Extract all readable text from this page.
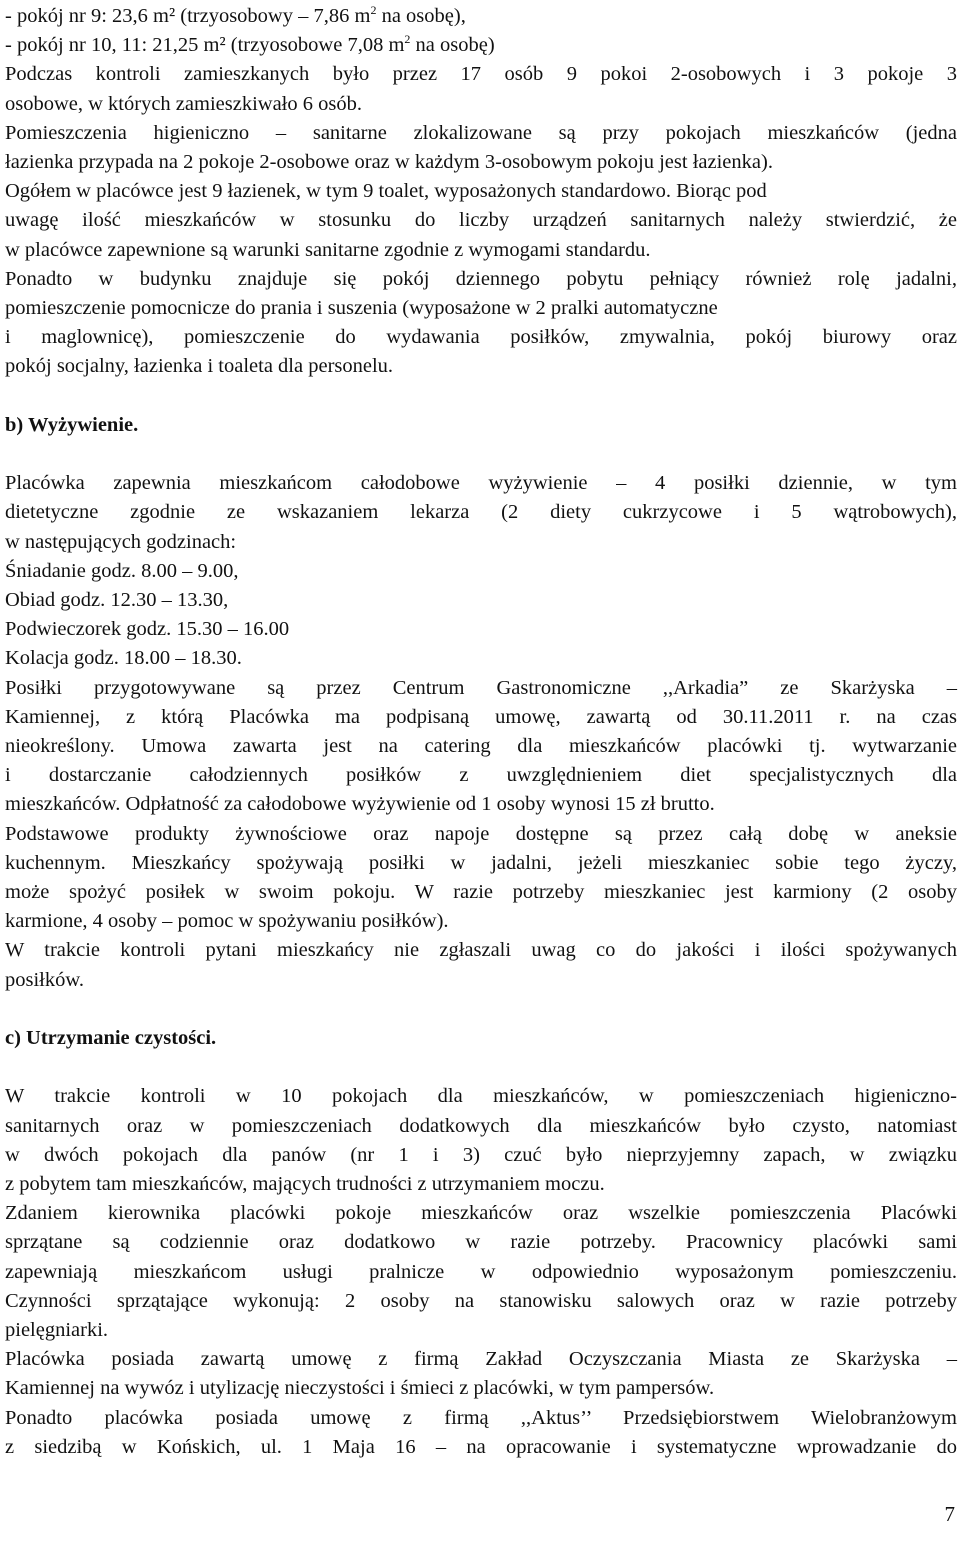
- pokój nr 9: 23,6 m² (trzyosobowy – 7,86 $m^2$ na osobę),
- pokój nr 10, 11: 21,25 m² (trzyosobowe 7,08 $m^2$ na osobę)
Podczas kontroli zamieszkanych było przez 17 osób 9 pokoi 2-osobowych i 3 pokoje 3
osobowe, w których zamieszkiwało 6 osób.
Pomieszczenia higieniczno – sanitarne zlokalizowane są przy pokojach mieszkańców (jedna
łazienka przypada na 2 pokoje 2-osobowe oraz w każdym 3-osobowym pokoju jest łazienka).
Ogółem w placówce jest 9 łazienek, w tym 9 toalet, wyposażonych standardowo. Biorąc pod
uwagę ilość mieszkańców w stosunku do liczby urządzeń sanitarnych należy stwierdzić, że
w placówce zapewnione są warunki sanitarne zgodnie z wymogami standardu.
Ponadto w budynku znajduje się pokój dziennego pobytu pełniący również rolę jadalni,
pomieszczenie pomocnicze do prania i suszenia (wyposażone w 2 pralki automatyczne
i maglownicę), pomieszczenie do wydawania posiłków, zmywalnia, pokój biurowy oraz
pokój socjalny, łazienka i toaleta dla personelu.
b) Wyżywienie.
Placówka zapewnia mieszkańcom całodobowe wyżywienie – 4 posiłki dziennie, w tym
dietetyczne zgodnie ze wskazaniem lekarza (2 diety cukrzycowe i 5 wątrobowych),
w następujących godzinach:
Śniadanie godz. 8.00 – 9.00,
Obiad godz. 12.30 – 13.30,
Podwieczorek godz. 15.30 – 16.00
Kolacja godz. 18.00 – 18.30.
Posiłki przygotowywane są przez Centrum Gastronomiczne ,,Arkadia” ze Skarżyska –
Kamiennej, z którą Placówka ma podpisaną umowę, zawartą od 30.11.2011 r. na czas
nieokreślony. Umowa zawarta jest na catering dla mieszkańców placówki tj. wytwarzanie
i dostarczanie całodziennych posiłków z uwzględnieniem diet specjalistycznych dla
mieszkańców. Odpłatność za całodobowe wyżywienie od 1 osoby wynosi 15 zł brutto.
Podstawowe produkty żywnościowe oraz napoje dostępne są przez całą dobę w aneksie
kuchennym. Mieszkańcy spożywają posiłki w jadalni, jeżeli mieszkaniec sobie tego życzy,
może spożyć posiłek w swoim pokoju. W razie potrzeby mieszkaniec jest karmiony (2 osoby
karmione, 4 osoby – pomoc w spożywaniu posiłków).
W trakcie kontroli pytani mieszkańcy nie zgłaszali uwag co do jakości i ilości spożywanych
posiłków.
c) Utrzymanie czystości.
W trakcie kontroli w 10 pokojach dla mieszkańców, w pomieszczeniach higieniczno-
sanitarnych oraz w pomieszczeniach dodatkowych dla mieszkańców było czysto, natomiast
w dwóch pokojach dla panów (nr 1 i 3) czuć było nieprzyjemny zapach, w związku
z pobytem tam mieszkańców, mających trudności z utrzymaniem moczu.
Zdaniem kierownika placówki pokoje mieszkańców oraz wszelkie pomieszczenia Placówki
sprzątane są codziennie oraz dodatkowo w razie potrzeby. Pracownicy placówki sami
zapewniają mieszkańcom usługi pralnicze w odpowiednio wyposażonym pomieszczeniu.
Czynności sprzątające wykonują: 2 osoby na stanowisku salowych oraz w razie potrzeby
pielęgniarki.
Placówka posiada zawartą umowę z firmą Zakład Oczyszczania Miasta ze Skarżyska –
Kamiennej na wywóz i utylizację nieczystości i śmieci z placówki, w tym pampersów.
Ponadto placówka posiada umowę z firmą ,,Aktus’’ Przedsiębiorstwem Wielobranżowym
z siedzibą w Końskich, ul. 1 Maja 16 – na opracowanie i systematyczne wprowadzanie do
7
